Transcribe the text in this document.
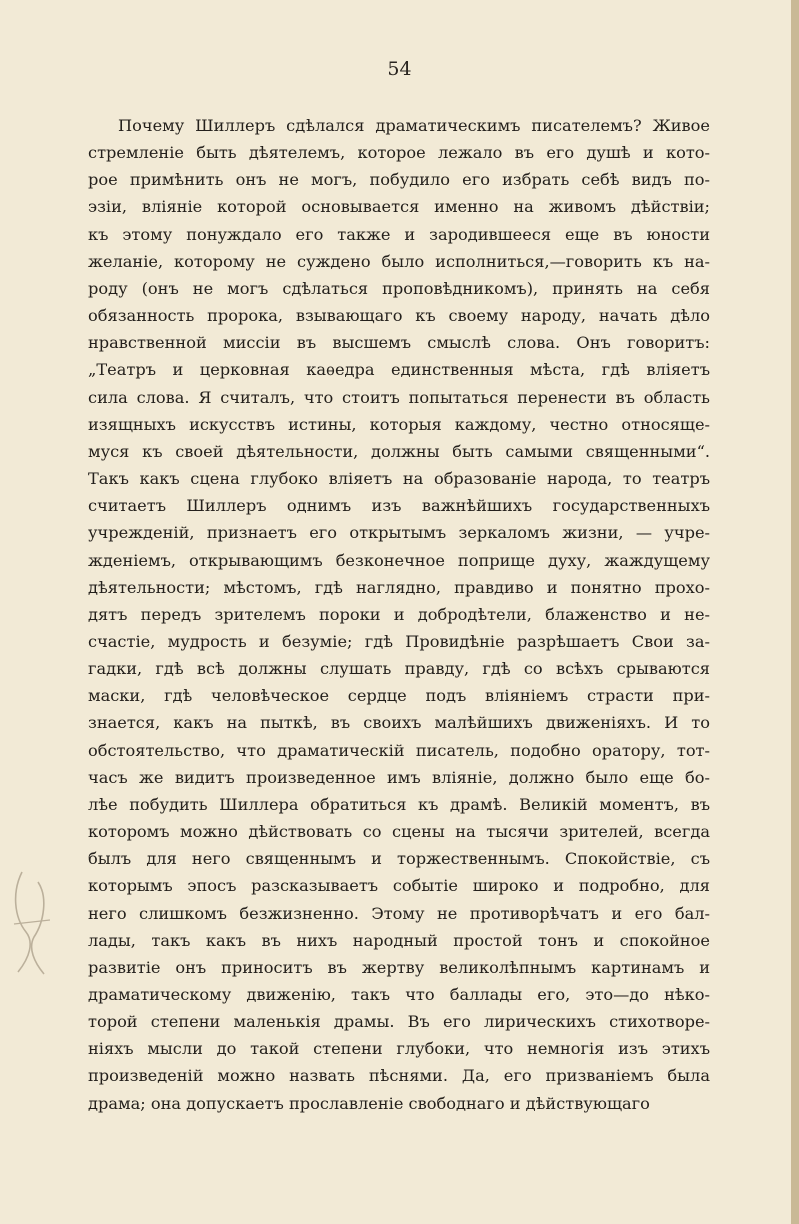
54
Почему Шиллеръ сдѣлался драматическимъ писателемъ? Живое
стремленіе быть дѣятелемъ, которое лежало въ его душѣ и кото-
рое примѣнить онъ не могъ, побудило его избрать себѣ видъ по-
эзіи, вліяніе которой основывается именно на живомъ дѣйствіи;
къ этому понуждало его также и зародившееся еще въ юности
желаніе, которому не суждено было исполниться,—говорить къ на-
роду (онъ не могъ сдѣлаться проповѣдникомъ), принять на себя
обязанность пророка, взывающаго къ своему народу, начать дѣло
нравственной миссіи въ высшемъ смыслѣ слова. Онъ говоритъ:
„Театръ и церковная каѳедра единственныя мѣста, гдѣ вліяетъ
сила слова. Я считалъ, что стоитъ попытаться перенести въ область
изящныхъ искусствъ истины, которыя каждому, честно относяще-
муся къ своей дѣятельности, должны быть самыми священными“.
Такъ какъ сцена глубоко вліяетъ на образованіе народа, то театръ
считаетъ Шиллеръ однимъ изъ важнѣйшихъ государственныхъ
учрежденій, признаетъ его открытымъ зеркаломъ жизни, — учре-
жденіемъ, открывающимъ безконечное поприще духу, жаждущему
дѣятельности; мѣстомъ, гдѣ наглядно, правдиво и понятно прохо-
дятъ передъ зрителемъ пороки и добродѣтели, блаженство и не-
счастіе, мудрость и безуміе; гдѣ Провидѣніе разрѣшаетъ Свои за-
гадки, гдѣ всѣ должны слушать правду, гдѣ со всѣхъ срываются
маски, гдѣ человѣческое сердце подъ вліяніемъ страсти при-
знается, какъ на пыткѣ, въ своихъ малѣйшихъ движеніяхъ. И то
обстоятельство, что драматическій писатель, подобно оратору, тот-
часъ же видитъ произведенное имъ вліяніе, должно было еще бо-
лѣе побудить Шиллера обратиться къ драмѣ. Великій моментъ, въ
которомъ можно дѣйствовать со сцены на тысячи зрителей, всегда
былъ для него священнымъ и торжественнымъ. Спокойствіе, съ
которымъ эпосъ разсказываетъ событіе широко и подробно, для
него слишкомъ безжизненно. Этому не противорѣчатъ и его бал-
лады, такъ какъ въ нихъ народный простой тонъ и спокойное
развитіе онъ приноситъ въ жертву великолѣпнымъ картинамъ и
драматическому движенію, такъ что баллады его, это—до нѣко-
торой степени маленькія драмы. Въ его лирическихъ стихотворе-
ніяхъ мысли до такой степени глубоки, что немногія изъ этихъ
произведеній можно назвать пѣснями. Да, его призваніемъ была
драма; она допускаетъ прославленіе свободнаго и дѣйствующаго
